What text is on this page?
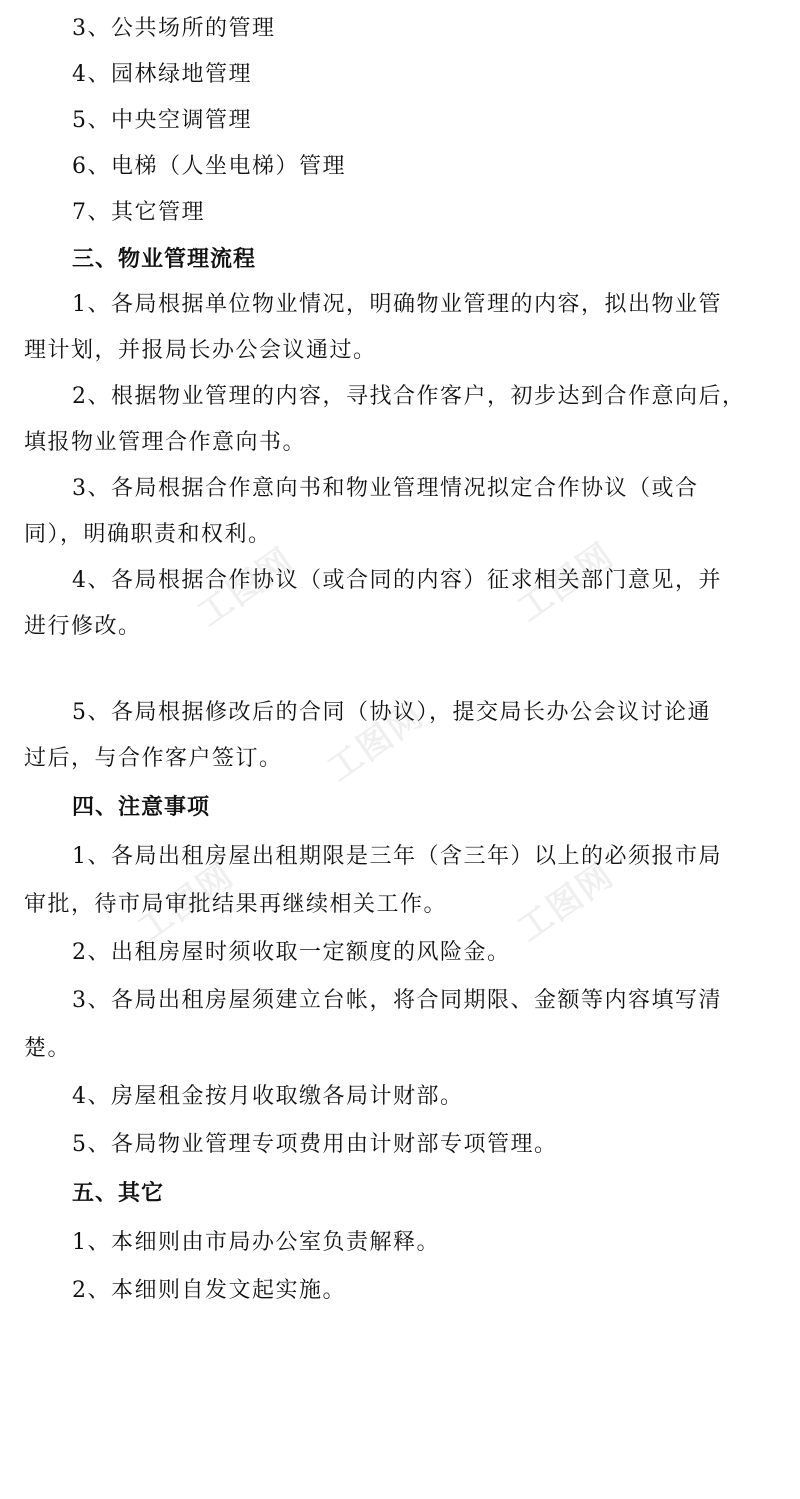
工图网	工图网
工图网
工图网	工图网
3、公共场所的管理
4、园林绿地管理
5、中央空调管理
6、电梯（人坐电梯）管理
7、其它管理
三、物业管理流程
1、各局根据单位物业情况，明确物业管理的内容，拟出物业管
理计划，并报局长办公会议通过。
2、根据物业管理的内容，寻找合作客户，初步达到合作意向后，
填报物业管理合作意向书。
3、各局根据合作意向书和物业管理情况拟定合作协议（或合
同），明确职责和权利。
4、各局根据合作协议（或合同的内容）征求相关部门意见，并
进行修改。
5、各局根据修改后的合同（协议），提交局长办公会议讨论通
过后，与合作客户签订。
四、注意事项
1、各局出租房屋出租期限是三年（含三年）以上的必须报市局
审批，待市局审批结果再继续相关工作。
2、出租房屋时须收取一定额度的风险金。
3、各局出租房屋须建立台帐，将合同期限、金额等内容填写清
楚。
4、房屋租金按月收取缴各局计财部。
5、各局物业管理专项费用由计财部专项管理。
五、其它
1、本细则由市局办公室负责解释。
2、本细则自发文起实施。
